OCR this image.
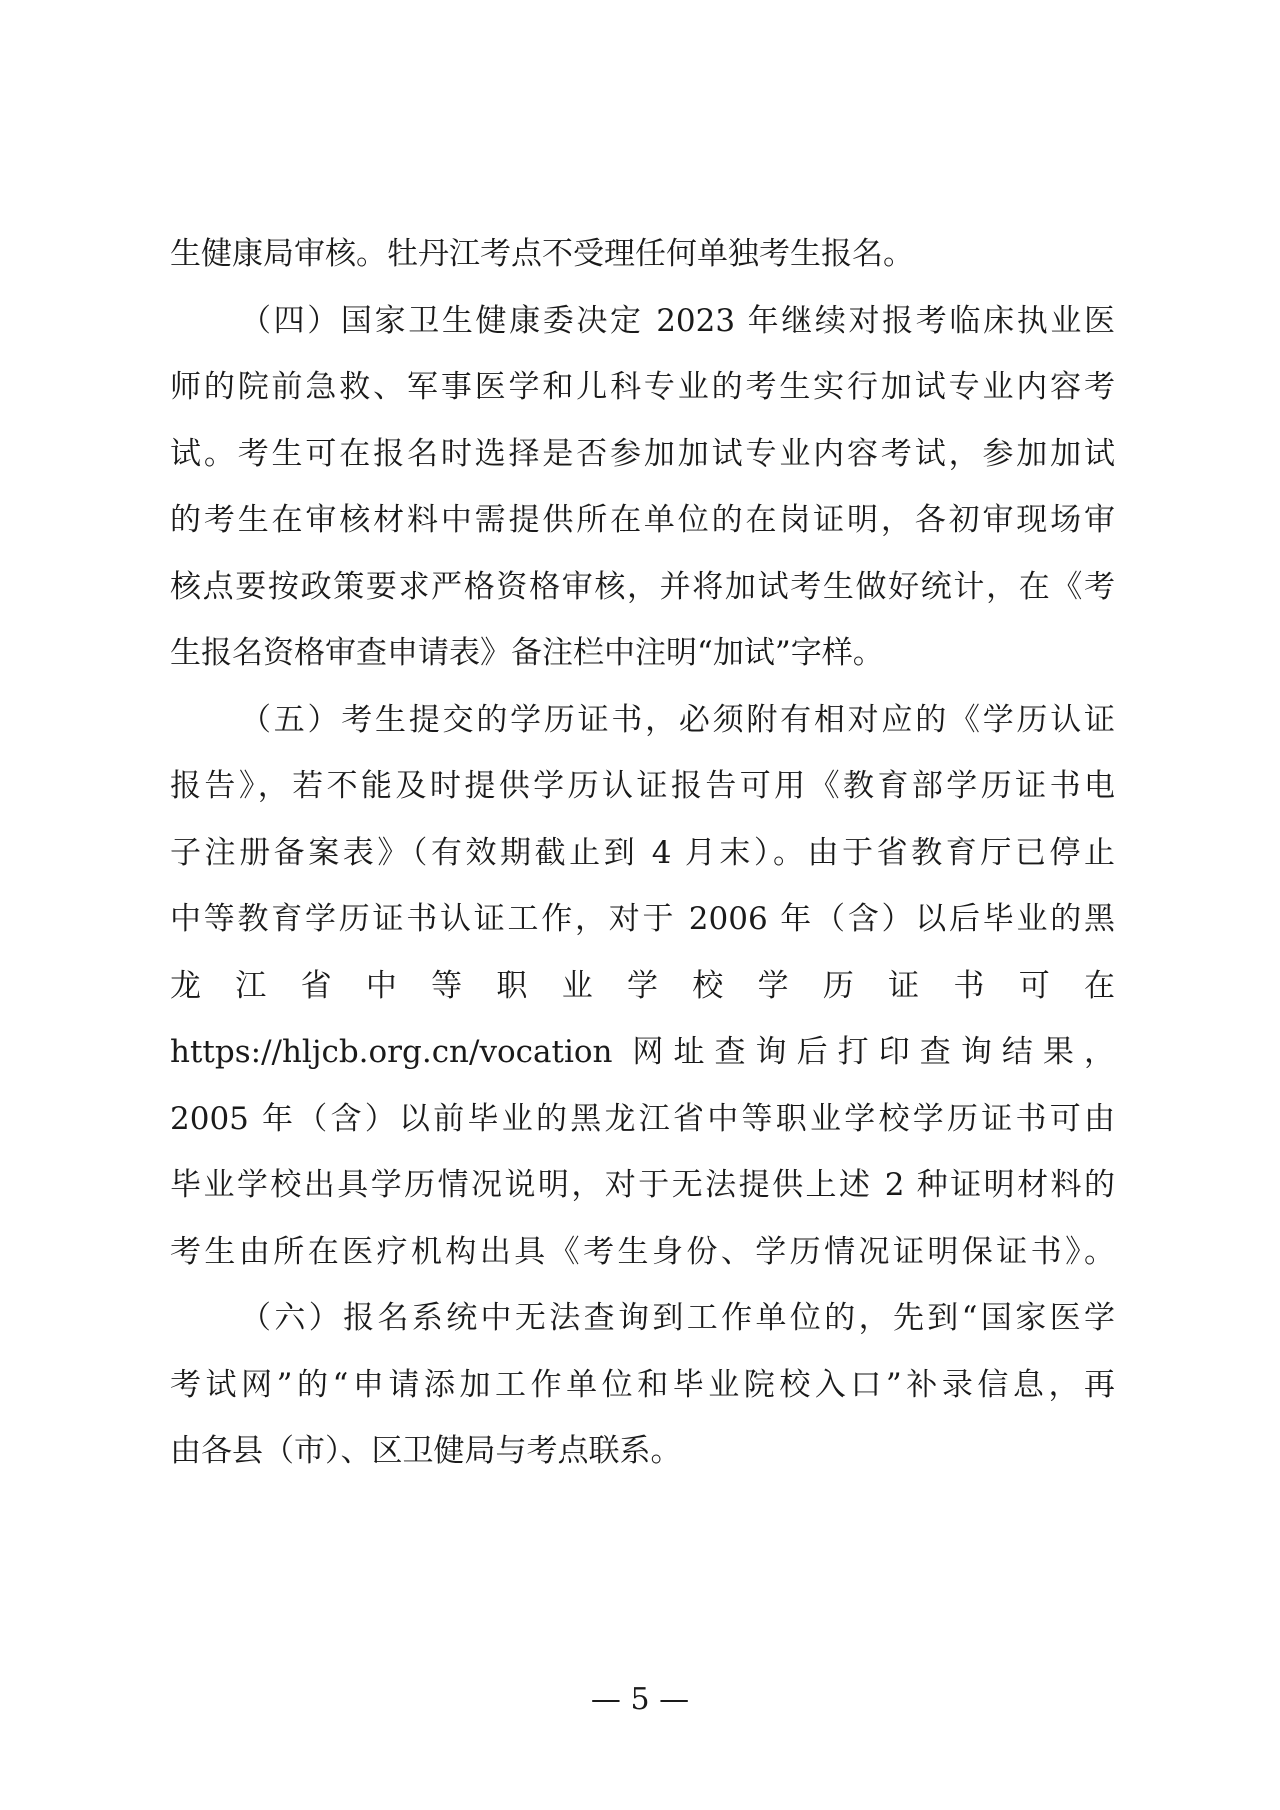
生健康局审核。牡丹江考点不受理任何单独考生报名。
（四）国家卫生健康委决定 2023 年继续对报考临床执业医
师的院前急救、军事医学和儿科专业的考生实行加试专业内容考
试。考生可在报名时选择是否参加加试专业内容考试，参加加试
的考生在审核材料中需提供所在单位的在岗证明，各初审现场审
核点要按政策要求严格资格审核，并将加试考生做好统计，在《考
生报名资格审查申请表》备注栏中注明“加试”字样。
（五）考生提交的学历证书，必须附有相对应的《学历认证
报告》，若不能及时提供学历认证报告可用《教育部学历证书电
子注册备案表》（有效期截止到 4 月末）。由于省教育厅已停止
中等教育学历证书认证工作，对于 2006 年（含）以后毕业的黑
龙江省中等职业学校学历证书可在
https://hljcb.org.cn/vocation 网址查询后打印查询结果，
2005 年（含）以前毕业的黑龙江省中等职业学校学历证书可由
毕业学校出具学历情况说明，对于无法提供上述 2 种证明材料的
考生由所在医疗机构出具《考生身份、学历情况证明保证书》。
（六）报名系统中无法查询到工作单位的，先到“国家医学
考试网”的“申请添加工作单位和毕业院校入口”补录信息，再
由各县（市）、区卫健局与考点联系。
— 5 —
